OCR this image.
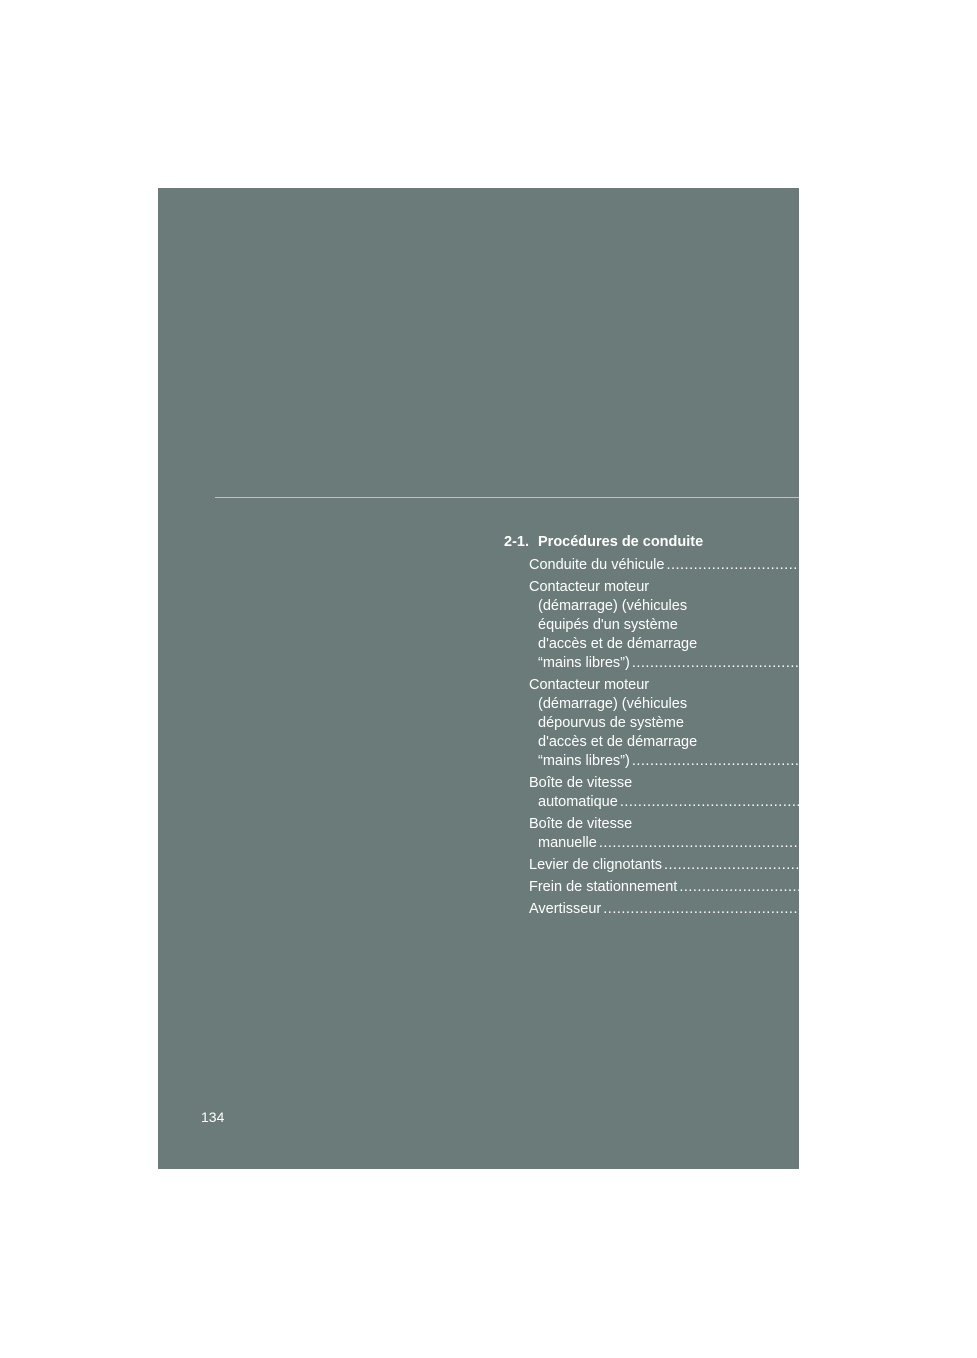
2-1. Procédures de conduite
Conduite du véhicule ............................................................ 136
Contacteur moteur
(démarrage) (véhicules
équipés d'un système
d'accès et de démarrage
“mains libres”) ............................................................ 149
Contacteur moteur
(démarrage) (véhicules
dépourvus de système
d'accès et de démarrage
“mains libres”) ............................................................ 153
Boîte de vitesse
automatique ............................................................ 157
Boîte de vitesse
manuelle ............................................................ 163
Levier de clignotants ............................................................ 164
Frein de stationnement ............................................................ 165
Avertisseur ............................................................ 166
134
